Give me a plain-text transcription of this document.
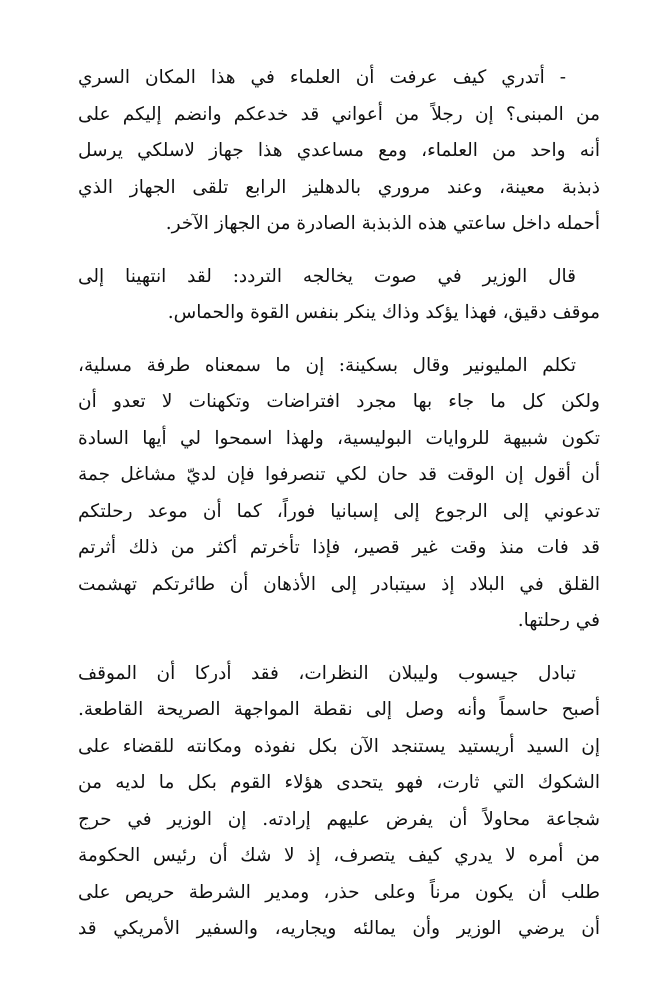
- أتدري كيف عرفت أن العلماء في هذا المكان السري
من المبنى؟ إن رجلاً من أعواني قد خدعكم وانضم إليكم على
أنه واحد من العلماء، ومع مساعدي هذا جهاز لاسلكي يرسل
ذبذبة معينة، وعند مروري بالدهليز الرابع تلقى الجهاز الذي
أحمله داخل ساعتي هذه الذبذبة الصادرة من الجهاز الآخر.
قال الوزير في صوت يخالجه التردد: لقد انتهينا إلى
موقف دقيق، فهذا يؤكد وذاك ينكر بنفس القوة والحماس.
تكلم المليونير وقال بسكينة: إن ما سمعناه طرفة مسلية،
ولكن كل ما جاء بها مجرد افتراضات وتكهنات لا تعدو أن
تكون شبيهة للروايات البوليسية، ولهذا اسمحوا لي أيها السادة
أن أقول إن الوقت قد حان لكي تنصرفوا فإن لديّ مشاغل جمة
تدعوني إلى الرجوع إلى إسبانيا فوراً، كما أن موعد رحلتكم
قد فات منذ وقت غير قصير، فإذا تأخرتم أكثر من ذلك أثرتم
القلق في البلاد إذ سيتبادر إلى الأذهان أن طائرتكم تهشمت
في رحلتها.
تبادل جيسوب وليبلان النظرات، فقد أدركا أن الموقف
أصبح حاسماً وأنه وصل إلى نقطة المواجهة الصريحة القاطعة.
إن السيد أريستيد يستنجد الآن بكل نفوذه ومكانته للقضاء على
الشكوك التي ثارت، فهو يتحدى هؤلاء القوم بكل ما لديه من
شجاعة محاولاً أن يفرض عليهم إرادته. إن الوزير في حرج
من أمره لا يدري كيف يتصرف، إذ لا شك أن رئيس الحكومة
طلب أن يكون مرناً وعلى حذر، ومدير الشرطة حريص على
أن يرضي الوزير وأن يمالئه ويجاريه، والسفير الأمريكي قد
